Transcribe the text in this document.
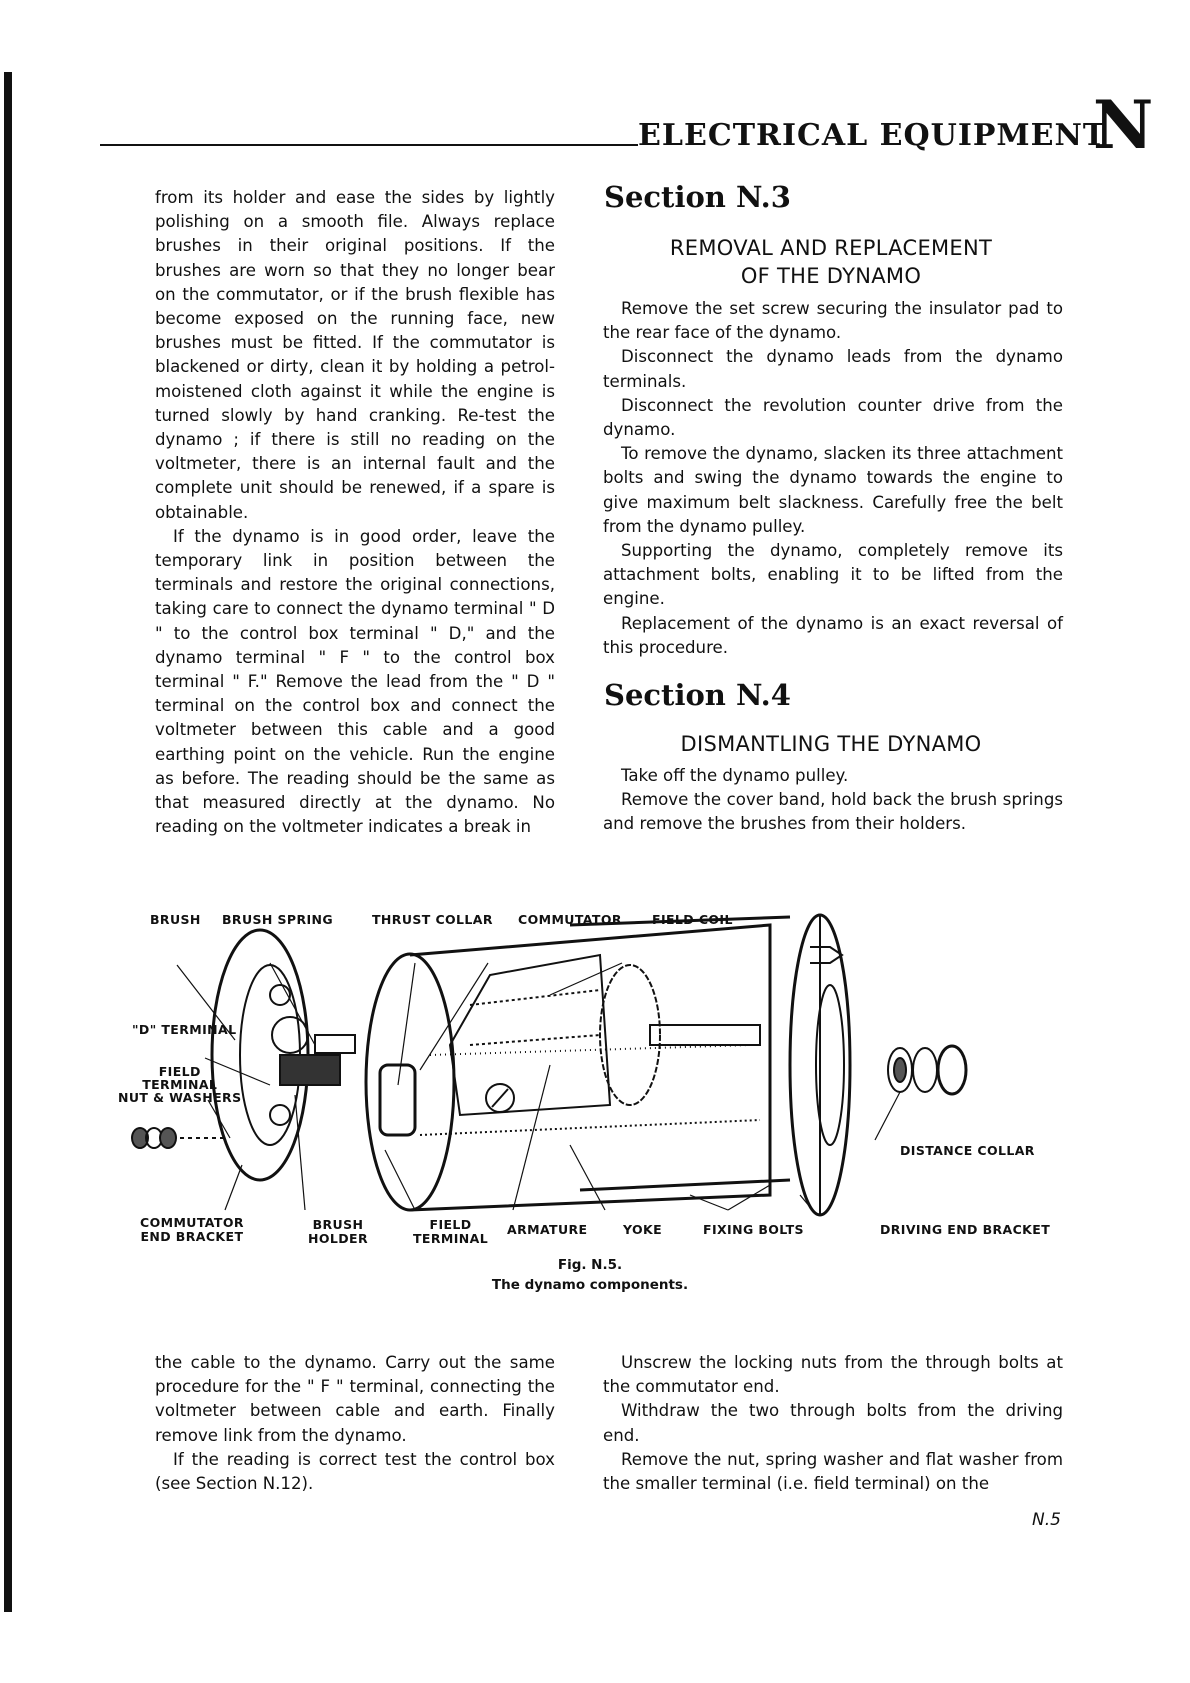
ELECTRICAL EQUIPMENT
N

from its holder and ease the sides by lightly polishing on a smooth file. Always replace brushes in their original positions. If the brushes are worn so that they no longer bear on the commutator, or if the brush flexible has become exposed on the running face, new brushes must be fitted. If the commutator is blackened or dirty, clean it by holding a petrol-moistened cloth against it while the engine is turned slowly by hand cranking. Re-test the dynamo ; if there is still no reading on the voltmeter, there is an internal fault and the complete unit should be renewed, if a spare is obtainable.

If the dynamo is in good order, leave the temporary link in position between the terminals and restore the original connections, taking care to connect the dynamo terminal " D " to the control box terminal " D," and the dynamo terminal " F " to the control box terminal " F." Remove the lead from the " D " terminal on the control box and connect the voltmeter between this cable and a good earthing point on the vehicle. Run the engine as before. The reading should be the same as that measured directly at the dynamo. No reading on the voltmeter indicates a break in

Section N.3
REMOVAL AND REPLACEMENT
OF THE DYNAMO

Remove the set screw securing the insulator pad to the rear face of the dynamo.

Disconnect the dynamo leads from the dynamo terminals.

Disconnect the revolution counter drive from the dynamo.

To remove the dynamo, slacken its three attachment bolts and swing the dynamo towards the engine to give maximum belt slackness. Carefully free the belt from the dynamo pulley.

Supporting the dynamo, completely remove its attachment bolts, enabling it to be lifted from the engine.

Replacement of the dynamo is an exact reversal of this procedure.

Section N.4
DISMANTLING THE DYNAMO

Take off the dynamo pulley.

Remove the cover band, hold back the brush springs and remove the brushes from their holders.

BRUSH BRUSH SPRING	THRUST COLLAR COMMUTATOR FIELD COIL
"D" TERMINAL
FIELD
TERMINAL
NUT & WASHERS
DISTANCE COLLAR
COMMUTATOR
END BRACKET
BRUSH
HOLDER
FIELD
TERMINAL
ARMATURE	YOKE	FIXING BOLTS	DRIVING END BRACKET
Fig. N.5.
The dynamo components.

the cable to the dynamo. Carry out the same procedure for the " F " terminal, connecting the voltmeter between cable and earth. Finally remove link from the dynamo.

If the reading is correct test the control box (see Section N.12).

Unscrew the locking nuts from the through bolts at the commutator end.

Withdraw the two through bolts from the driving end.

Remove the nut, spring washer and flat washer from the smaller terminal (i.e. field terminal) on the

N.5
